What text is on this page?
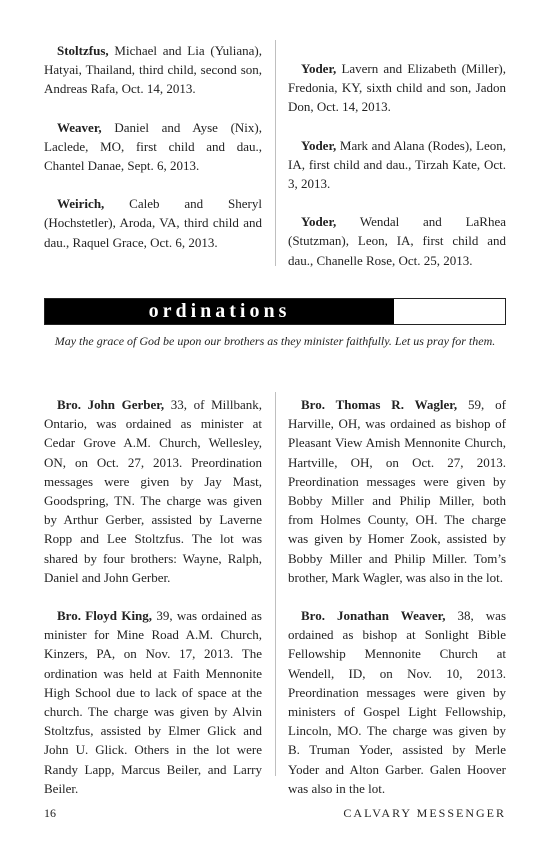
Stoltzfus, Michael and Lia (Yuliana), Hatyai, Thailand, third child, second son, Andreas Rafa, Oct. 14, 2013.

Weaver, Daniel and Ayse (Nix), Laclede, MO, first child and dau., Chantel Danae, Sept. 6, 2013.

Weirich, Caleb and Sheryl (Hochstetler), Aroda, VA, third child and dau., Raquel Grace, Oct. 6, 2013.

Yoder, Lavern and Elizabeth (Miller), Fredonia, KY, sixth child and son, Jadon Don, Oct. 14, 2013.

Yoder, Mark and Alana (Rodes), Leon, IA, first child and dau., Tirzah Kate, Oct. 3, 2013.

Yoder, Wendal and LaRhea (Stutzman), Leon, IA, first child and dau., Chanelle Rose, Oct. 25, 2013.

ordinations
May the grace of God be upon our brothers as they minister faithfully. Let us pray for them.

Bro. John Gerber, 33, of Millbank, Ontario, was ordained as minister at Cedar Grove A.M. Church, Wellesley, ON, on Oct. 27, 2013. Preordination messages were given by Jay Mast, Goodspring, TN. The charge was given by Arthur Gerber, assisted by Laverne Ropp and Lee Stoltzfus. The lot was shared by four brothers: Wayne, Ralph, Daniel and John Gerber.

Bro. Floyd King, 39, was ordained as minister for Mine Road A.M. Church, Kinzers, PA, on Nov. 17, 2013. The ordination was held at Faith Mennonite High School due to lack of space at the church. The charge was given by Alvin Stoltzfus, assisted by Elmer Glick and John U. Glick. Others in the lot were Randy Lapp, Marcus Beiler, and Larry Beiler.

Bro. Thomas R. Wagler, 59, of Harville, OH, was ordained as bishop of Pleasant View Amish Mennonite Church, Hartville, OH, on Oct. 27, 2013. Preordination messages were given by Bobby Miller and Philip Miller, both from Holmes County, OH. The charge was given by Homer Zook, assisted by Bobby Miller and Philip Miller. Tom’s brother, Mark Wagler, was also in the lot.

Bro. Jonathan Weaver, 38, was ordained as bishop at Sonlight Bible Fellowship Mennonite Church at Wendell, ID, on Nov. 10, 2013. Preordination messages were given by ministers of Gospel Light Fellowship, Lincoln, MO. The charge was given by B. Truman Yoder, assisted by Merle Yoder and Alton Garber. Galen Hoover was also in the lot.

16	CALVARY MESSENGER
